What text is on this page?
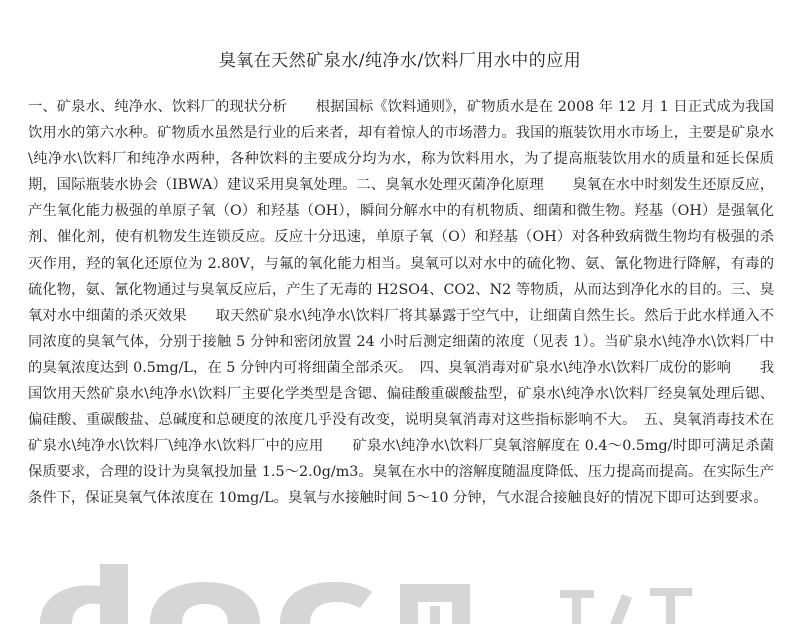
臭氧在天然矿泉水/纯净水/饮料厂用水中的应用
一、矿泉水、纯净水、饮料厂的现状分析　　根据国标《饮料通则》，矿物质水是在 2008 年 12 月 1 日正式成为我国饮用水的第六水种。矿物质水虽然是行业的后来者，却有着惊人的市场潜力。我国的瓶装饮用水市场上，主要是矿泉水\纯净水\饮料厂和纯净水两种，各种饮料的主要成分均为水，称为饮料用水，为了提高瓶装饮用水的质量和延长保质期，国际瓶装水协会（IBWA）建议采用臭氧处理。二、臭氧水处理灭菌净化原理　　臭氧在水中时刻发生还原反应，产生氧化能力极强的单原子氧（O）和羟基（OH），瞬间分解水中的有机物质、细菌和微生物。羟基（OH）是强氧化剂、催化剂，使有机物发生连锁反应。反应十分迅速，单原子氧（O）和羟基（OH）对各种致病微生物均有极强的杀灭作用，羟的氧化还原位为 2.80V，与氟的氧化能力相当。臭氧可以对水中的硫化物、氨、氰化物进行降解，有毒的硫化物，氨、氰化物通过与臭氧反应后，产生了无毒的 H2SO4、CO2、N2 等物质，从而达到净化水的目的。三、臭氧对水中细菌的杀灭效果　　取天然矿泉水\纯净水\饮料厂将其暴露于空气中，让细菌自然生长。然后于此水样通入不同浓度的臭氧气体，分别于接触 5 分钟和密闭放置 24 小时后测定细菌的浓度（见表 1）。当矿泉水\纯净水\饮料厂中的臭氧浓度达到 0.5mg/L，在 5 分钟内可将细菌全部杀灭。　四、臭氧消毒对矿泉水\纯净水\饮料厂成份的影响　　我国饮用天然矿泉水\纯净水\饮料厂主要化学类型是含锶、偏硅酸重碳酸盐型，矿泉水\纯净水\饮料厂经臭氧处理后锶、偏硅酸、重碳酸盐、总碱度和总硬度的浓度几乎没有改变，说明臭氧消毒对这些指标影响不大。　五、臭氧消毒技术在矿泉水\纯净水\饮料厂\纯净水\饮料厂中的应用　　矿泉水\纯净水\饮料厂臭氧溶解度在 0.4～0.5mg/时即可满足杀菌保质要求，合理的设计为臭氧投加量 1.5～2.0g/m3。臭氧在水中的溶解度随温度降低、压力提高而提高。在实际生产条件下，保证臭氧气体浓度在 10mg/L。臭氧与水接触时间 5～10 分钟，气水混合接触良好的情况下即可达到要求。
